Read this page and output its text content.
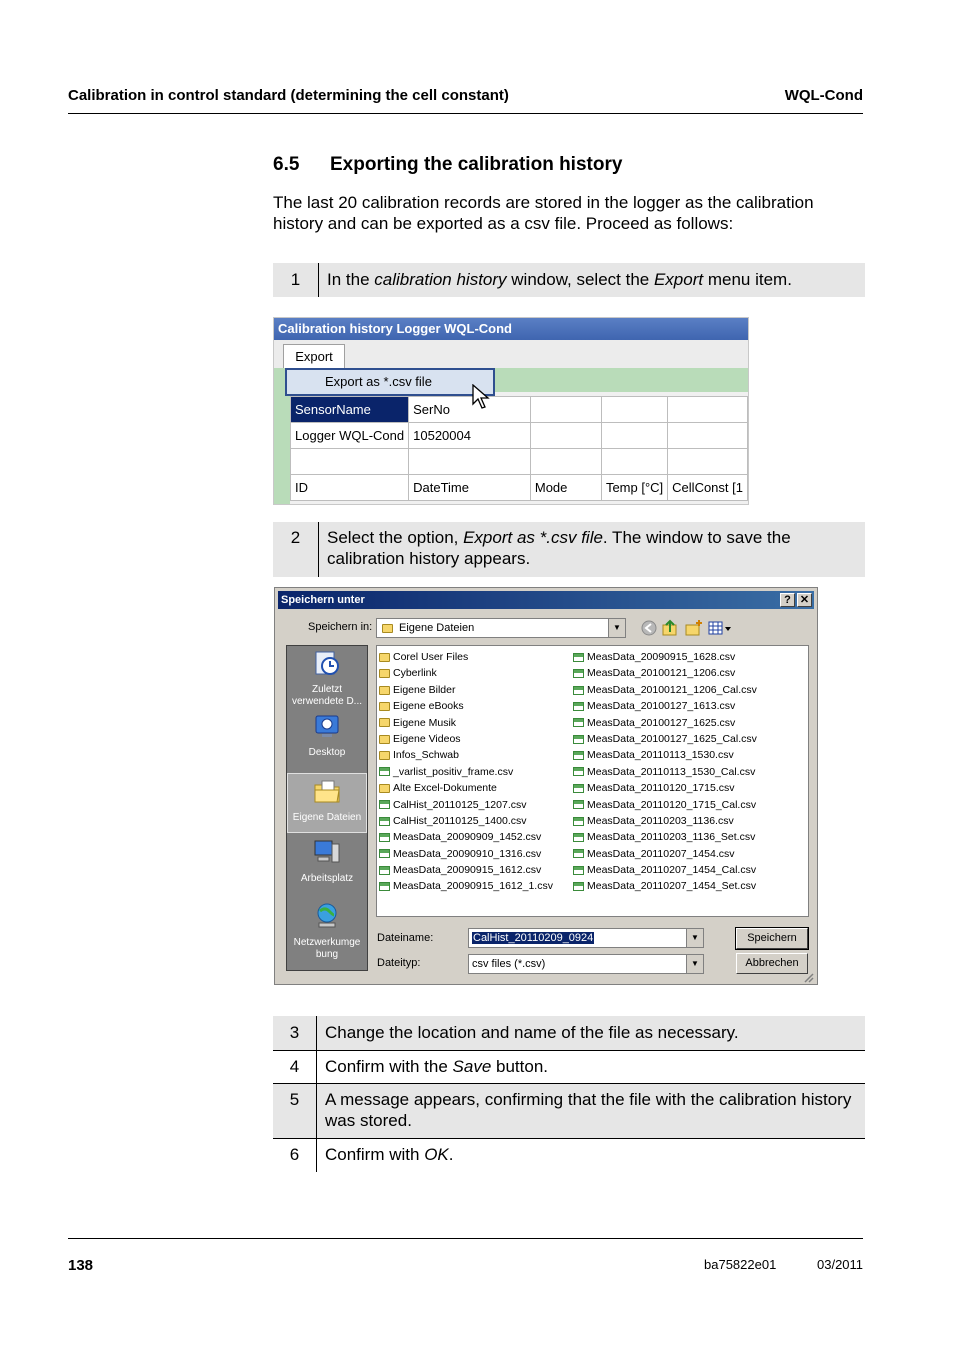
Calibration in control standard (determining the cell constant)	WQL-Cond
6.5 Exporting the calibration history
The last 20 calibration records are stored in the logger as the calibration history and can be exported as a csv file. Proceed as follows:
1	In the calibration history window, select the Export menu item.
Calibration history Logger WQL-Cond
Export
SensorName	SerNo			
Logger WQL-Cond	10520004			

ID	DateTime	Mode	Temp [°C]	CellConst [1
Export as *.csv file
2	Select the option, Export as *.csv file. The window to save the calibration history appears.
Speichern unter	? ✕
Speichern in:	Eigene Dateien	▼
Zuletzt verwendete D...
Desktop
Eigene Dateien
Arbeitsplatz
Netzwerkumge bung
Corel User Files
Cyberlink
Eigene Bilder
Eigene eBooks
Eigene Musik
Eigene Videos
Infos_Schwab
_varlist_positiv_frame.csv
Alte Excel-Dokumente
CalHist_20110125_1207.csv
CalHist_20110125_1400.csv
MeasData_20090909_1452.csv
MeasData_20090910_1316.csv
MeasData_20090915_1612.csv
MeasData_20090915_1612_1.csv
MeasData_20090915_1628.csv
MeasData_20100121_1206.csv
MeasData_20100121_1206_Cal.csv
MeasData_20100127_1613.csv
MeasData_20100127_1625.csv
MeasData_20100127_1625_Cal.csv
MeasData_20110113_1530.csv
MeasData_20110113_1530_Cal.csv
MeasData_20110120_1715.csv
MeasData_20110120_1715_Cal.csv
MeasData_20110203_1136.csv
MeasData_20110203_1136_Set.csv
MeasData_20110207_1454.csv
MeasData_20110207_1454_Cal.csv
MeasData_20110207_1454_Set.csv
Dateiname:	CalHist_20110209_0924	▼
Dateityp:	csv files (*.csv)	▼
Speichern
Abbrechen
3	Change the location and name of the file as necessary.
4	Confirm with the Save button.
5	A message appears, confirming that the file with the calibration history was stored.
6	Confirm with OK.
138	ba75822e01	03/2011
